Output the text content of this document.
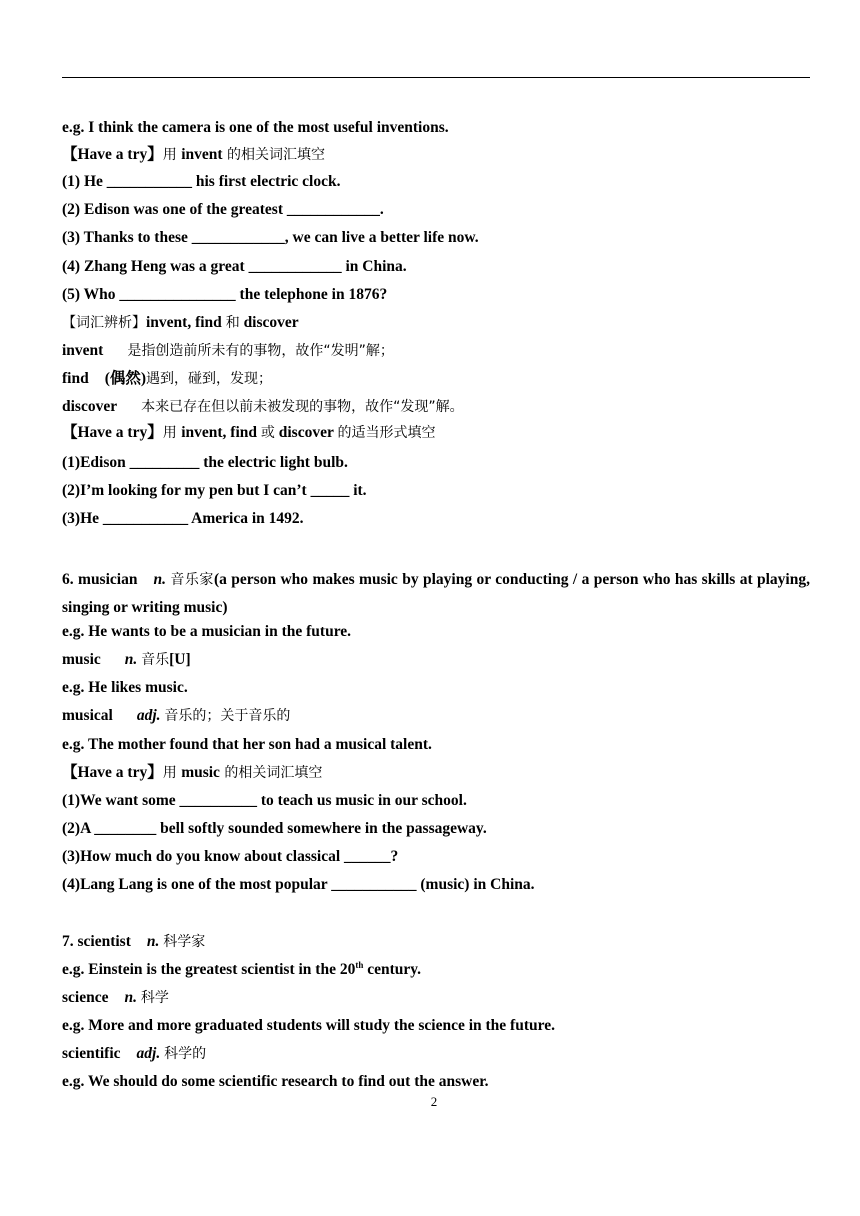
e.g. I think the camera is one of the most useful inventions.
【Have a try】用 invent 的相关词汇填空
(1) He ___________ his first electric clock.
(2) Edison was one of the greatest ____________.
(3) Thanks to these ____________, we can live a better life now.
(4) Zhang Heng was a great ____________ in China.
(5) Who _______________ the telephone in 1876?
【词汇辨析】invent, find 和 discover
invent 是指创造前所未有的事物，故作“发明”解；
find (偶然)遇到，碰到，发现；
discover 本来已存在但以前未被发现的事物，故作“发现”解。
【Have a try】用 invent, find 或 discover 的适当形式填空
(1)Edison _________ the electric light bulb.
(2)I’m looking for my pen but I can’t _____ it.
(3)He ___________ America in 1492.
6. musician n. 音乐家(a person who makes music by playing or conducting / a person who has skills at playing, singing or writing music)
e.g. He wants to be a musician in the future.
music n. 音乐[U]
e.g. He likes music.
musical adj. 音乐的；关于音乐的
e.g. The mother found that her son had a musical talent.
【Have a try】用 music 的相关词汇填空
(1)We want some __________ to teach us music in our school.
(2)A ________ bell softly sounded somewhere in the passageway.
(3)How much do you know about classical ______?
(4)Lang Lang is one of the most popular ___________ (music) in China.
7. scientist n. 科学家
e.g. Einstein is the greatest scientist in the 20th century.
science n. 科学
e.g. More and more graduated students will study the science in the future.
scientific adj. 科学的
e.g. We should do some scientific research to find out the answer.
2
